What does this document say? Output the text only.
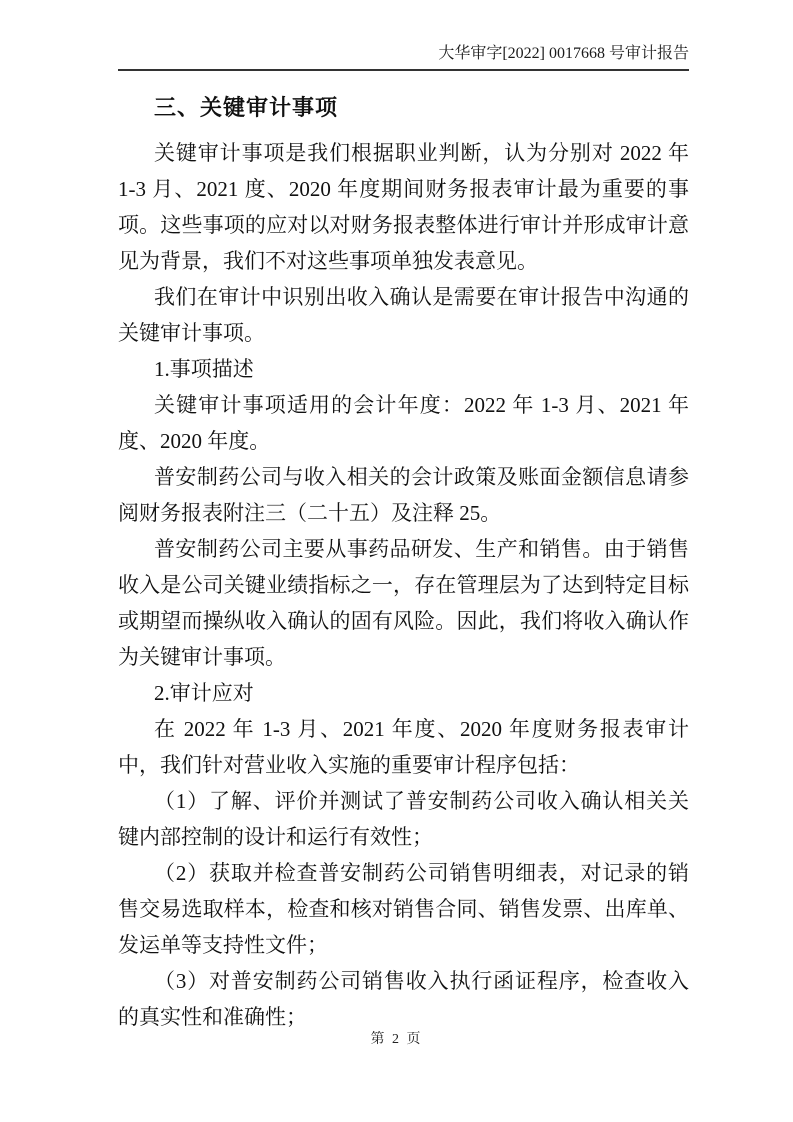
大华审字[2022] 0017668 号审计报告
三、关键审计事项

关键审计事项是我们根据职业判断，认为分别对 2022 年 1-3 月、2021 度、2020 年度期间财务报表审计最为重要的事项。这些事项的应对以对财务报表整体进行审计并形成审计意见为背景，我们不对这些事项单独发表意见。

我们在审计中识别出收入确认是需要在审计报告中沟通的关键审计事项。

1.事项描述

关键审计事项适用的会计年度：2022 年 1-3 月、2021 年度、2020 年度。

普安制药公司与收入相关的会计政策及账面金额信息请参阅财务报表附注三（二十五）及注释 25。

普安制药公司主要从事药品研发、生产和销售。由于销售收入是公司关键业绩指标之一，存在管理层为了达到特定目标或期望而操纵收入确认的固有风险。因此，我们将收入确认作为关键审计事项。

2.审计应对

在 2022 年 1-3 月、2021 年度、2020 年度财务报表审计中，我们针对营业收入实施的重要审计程序包括：

（1）了解、评价并测试了普安制药公司收入确认相关关键内部控制的设计和运行有效性；

（2）获取并检查普安制药公司销售明细表，对记录的销售交易选取样本，检查和核对销售合同、销售发票、出库单、发运单等支持性文件；

（3）对普安制药公司销售收入执行函证程序，检查收入的真实性和准确性；

第 2 页
